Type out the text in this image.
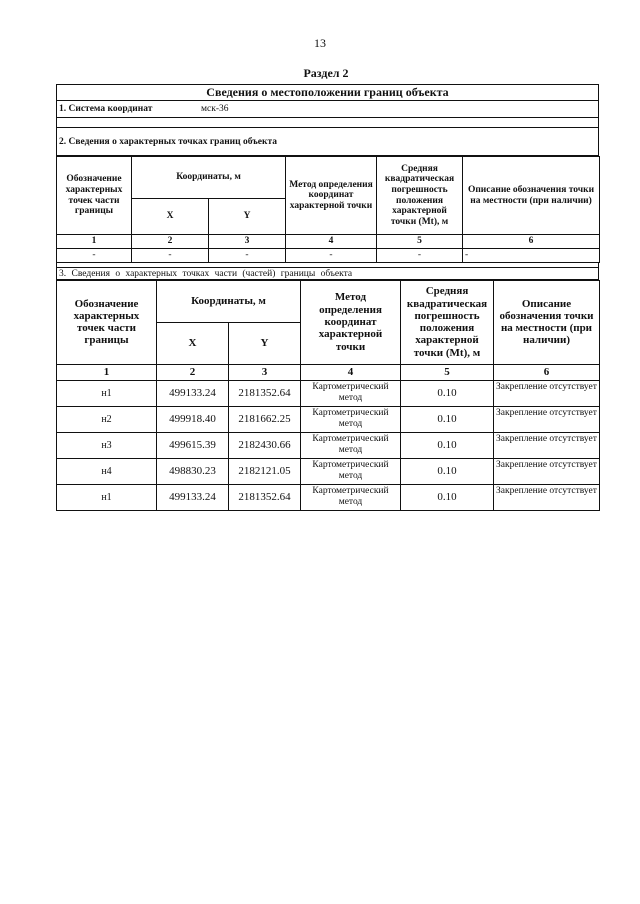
13
Раздел 2
Сведения о местоположении границ объекта
1. Система координат	мск-36
2. Сведения о характерных точках границ объекта
Обозначение характерных точек части границы	Координаты, м		Метод определения координат характерной точки	Средняя квадратическая погрешность положения характерной точки (Mt), м	Описание обозначения точки на местности (при наличии)
	X	Y			
1	2	3	4	5	6
-	-	-	-	-	-
3. Сведения о характерных точках части (частей) границы объекта
Обозначение характерных точек части границы	Координаты, м		Метод определения координат характерной точки	Средняя квадратическая погрешность положения характерной точки (Mt), м	Описание обозначения точки на местности (при наличии)
	X	Y			
1	2	3	4	5	6
н1	499133.24	2181352.64	Картометрический метод	0.10	Закрепление отсутствует
н2	499918.40	2181662.25	Картометрический метод	0.10	Закрепление отсутствует
н3	499615.39	2182430.66	Картометрический метод	0.10	Закрепление отсутствует
н4	498830.23	2182121.05	Картометрический метод	0.10	Закрепление отсутствует
н1	499133.24	2181352.64	Картометрический метод	0.10	Закрепление отсутствует
